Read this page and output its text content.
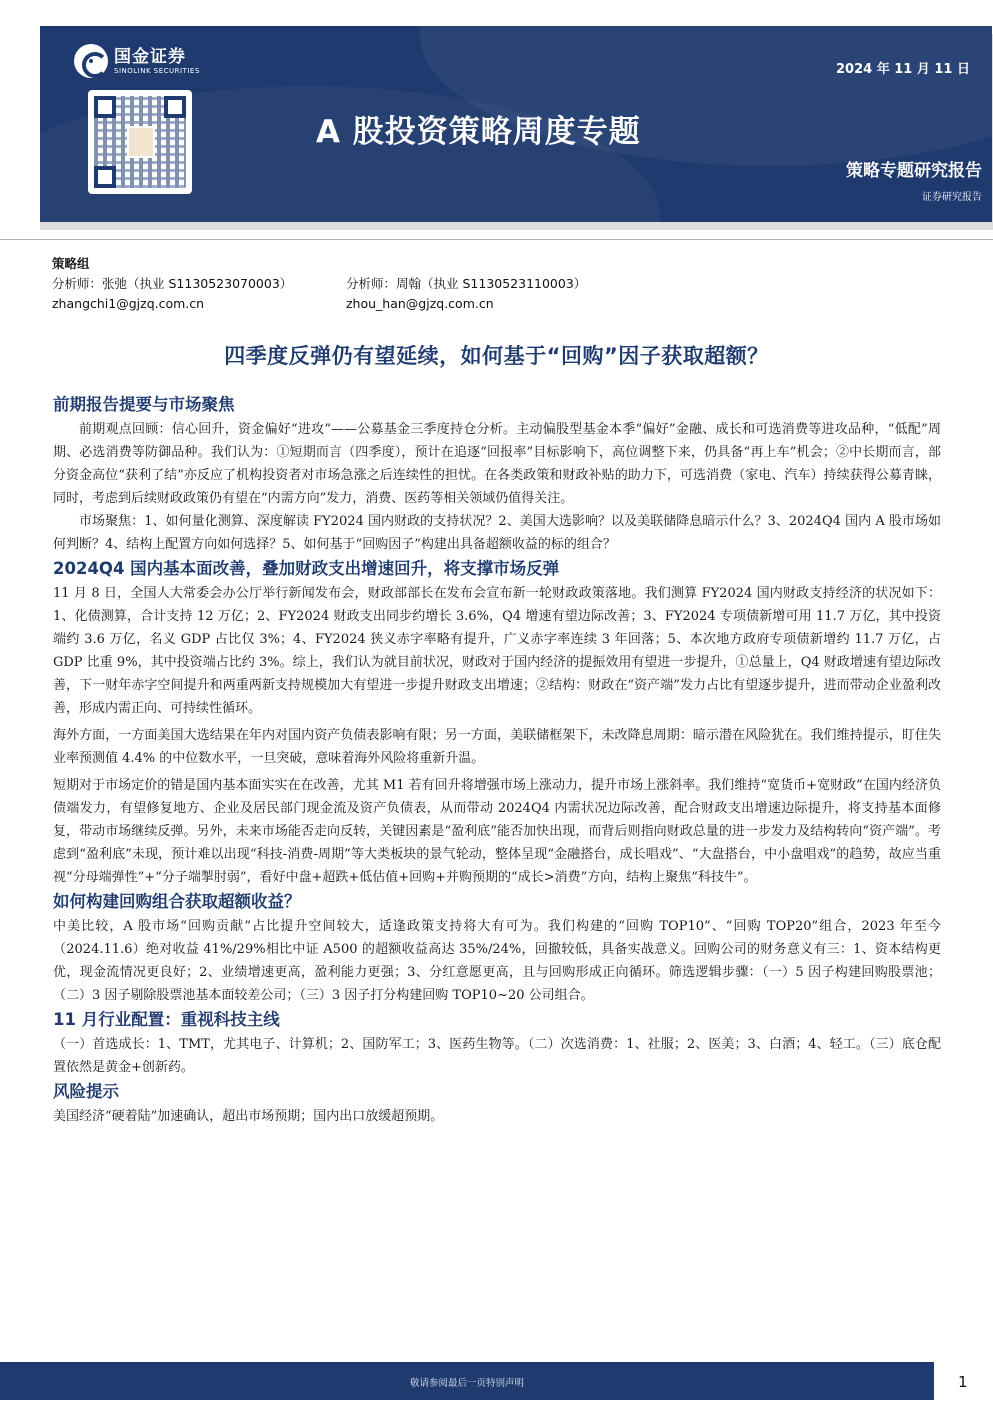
国金证券
SINOLINK SECURITIES	2024 年 11 月 11 日
A 股投资策略周度专题
策略专题研究报告
证券研究报告
策略组
分析师：张弛（执业 S1130523070003）	分析师：周翰（执业 S1130523110003）
zhangchi1@gjzq.com.cn	zhou_han@gjzq.com.cn
四季度反弹仍有望延续，如何基于“回购”因子获取超额？
前期报告提要与市场聚焦
前期观点回顾：信心回升，资金偏好“进攻”——公募基金三季度持仓分析。主动偏股型基金本季“偏好”金融、成长和可选消费等进攻品种，“低配”周期、必选消费等防御品种。我们认为：①短期而言（四季度），预计在追逐“回报率”目标影响下，高位调整下来，仍具备“再上车”机会；②中长期而言，部分资金高位“获利了结”亦反应了机构投资者对市场急涨之后连续性的担忧。在各类政策和财政补贴的助力下，可选消费（家电、汽车）持续获得公募青睐，同时，考虑到后续财政政策仍有望在“内需方向”发力，消费、医药等相关领域仍值得关注。
市场聚焦：1、如何量化测算、深度解读 FY2024 国内财政的支持状况？2、美国大选影响？以及美联储降息暗示什么？3、2024Q4 国内 A 股市场如何判断？4、结构上配置方向如何选择？5、如何基于“回购因子”构建出具备超额收益的标的组合？
2024Q4 国内基本面改善，叠加财政支出增速回升，将支撑市场反弹
11 月 8 日，全国人大常委会办公厅举行新闻发布会，财政部部长在发布会宣布新一轮财政政策落地。我们测算 FY2024 国内财政支持经济的状况如下：1、化债测算，合计支持 12 万亿；2、FY2024 财政支出同步约增长 3.6%，Q4 增速有望边际改善；3、FY2024 专项债新增可用 11.7 万亿，其中投资端约 3.6 万亿，名义 GDP 占比仅 3%；4、FY2024 狭义赤字率略有提升，广义赤字率连续 3 年回落；5、本次地方政府专项债新增约 11.7 万亿，占 GDP 比重 9%，其中投资端占比约 3%。综上，我们认为就目前状况，财政对于国内经济的提振效用有望进一步提升，①总量上，Q4 财政增速有望边际改善，下一财年赤字空间提升和两重两新支持规模加大有望进一步提升财政支出增速；②结构：财政在“资产端”发力占比有望逐步提升，进而带动企业盈利改善，形成内需正向、可持续性循环。
海外方面，一方面美国大选结果在年内对国内资产负债表影响有限；另一方面，美联储框架下，未改降息周期：暗示潜在风险犹在。我们维持提示，盯住失业率预测值 4.4% 的中位数水平，一旦突破，意味着海外风险将重新升温。
短期对于市场定价的错是国内基本面实实在在改善，尤其 M1 若有回升将增强市场上涨动力，提升市场上涨斜率。我们维持“宽货币+宽财政”在国内经济负债端发力，有望修复地方、企业及居民部门现金流及资产负债表，从而带动 2024Q4 内需状况边际改善，配合财政支出增速边际提升，将支持基本面修复，带动市场继续反弹。另外，未来市场能否走向反转，关键因素是“盈利底”能否加快出现，而背后则指向财政总量的进一步发力及结构转向“资产端”。考虑到“盈利底”未现，预计难以出现“科技-消费-周期”等大类板块的景气轮动，整体呈现“金融搭台，成长唱戏”、“大盘搭台，中小盘唱戏”的趋势，故应当重视“分母端弹性”+“分子端掣肘弱”，看好中盘+超跌+低估值+回购+并购预期的“成长>消费”方向，结构上聚焦“科技牛”。
如何构建回购组合获取超额收益？
中美比较，A 股市场“回购贡献”占比提升空间较大，适逢政策支持将大有可为。我们构建的“回购 TOP10”、“回购 TOP20”组合，2023 年至今（2024.11.6）绝对收益 41%/29%相比中证 A500 的超额收益高达 35%/24%，回撤较低，具备实战意义。回购公司的财务意义有三：1、资本结构更优，现金流情况更良好；2、业绩增速更高，盈利能力更强；3、分红意愿更高，且与回购形成正向循环。筛选逻辑步骤：（一）5 因子构建回购股票池；（二）3 因子剔除股票池基本面较差公司；（三）3 因子打分构建回购 TOP10~20 公司组合。
11 月行业配置：重视科技主线
（一）首选成长：1、TMT，尤其电子、计算机；2、国防军工；3、医药生物等。（二）次选消费：1、社服；2、医美；3、白酒；4、轻工。（三）底仓配置依然是黄金+创新药。
风险提示
美国经济“硬着陆”加速确认，超出市场预期；国内出口放缓超预期。
敬请参阅最后一页特别声明	1
